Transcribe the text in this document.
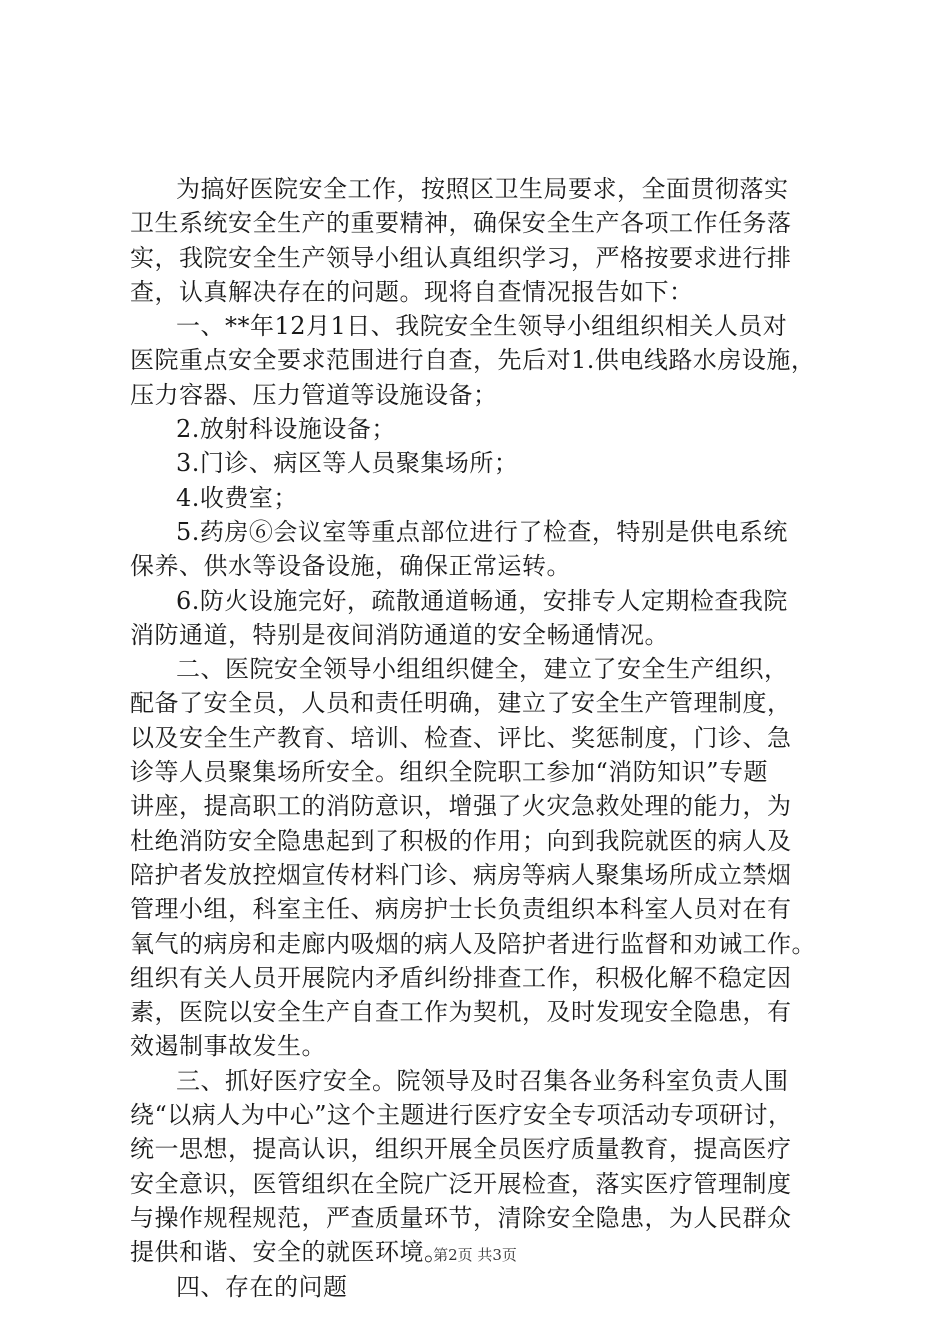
为搞好医院安全工作，按照区卫生局要求，全面贯彻落实
卫生系统安全生产的重要精神，确保安全生产各项工作任务落
实，我院安全生产领导小组认真组织学习，严格按要求进行排
查，认真解决存在的问题。现将自查情况报告如下：
一、**年12月1日、我院安全生领导小组组织相关人员对
医院重点安全要求范围进行自查，先后对1.供电线路水房设施，
压力容器、压力管道等设施设备；
2.放射科设施设备；
3.门诊、病区等人员聚集场所；
4.收费室；
5.药房⑥会议室等重点部位进行了检查，特别是供电系统
保养、供水等设备设施，确保正常运转。
6.防火设施完好，疏散通道畅通，安排专人定期检查我院
消防通道，特别是夜间消防通道的安全畅通情况。
二、医院安全领导小组组织健全，建立了安全生产组织，
配备了安全员，人员和责任明确，建立了安全生产管理制度，
以及安全生产教育、培训、检查、评比、奖惩制度，门诊、急
诊等人员聚集场所安全。组织全院职工参加“消防知识”专题
讲座，提高职工的消防意识，增强了火灾急救处理的能力，为
杜绝消防安全隐患起到了积极的作用；向到我院就医的病人及
陪护者发放控烟宣传材料门诊、病房等病人聚集场所成立禁烟
管理小组，科室主任、病房护士长负责组织本科室人员对在有
氧气的病房和走廊内吸烟的病人及陪护者进行监督和劝诫工作。
组织有关人员开展院内矛盾纠纷排查工作，积极化解不稳定因
素，医院以安全生产自查工作为契机，及时发现安全隐患，有
效遏制事故发生。
三、抓好医疗安全。院领导及时召集各业务科室负责人围
绕“以病人为中心”这个主题进行医疗安全专项活动专项研讨，
统一思想，提高认识，组织开展全员医疗质量教育，提高医疗
安全意识，医管组织在全院广泛开展检查，落实医疗管理制度
与操作规程规范，严查质量环节，清除安全隐患，为人民群众
提供和谐、安全的就医环境。
四、存在的问题
第2页 共3页
